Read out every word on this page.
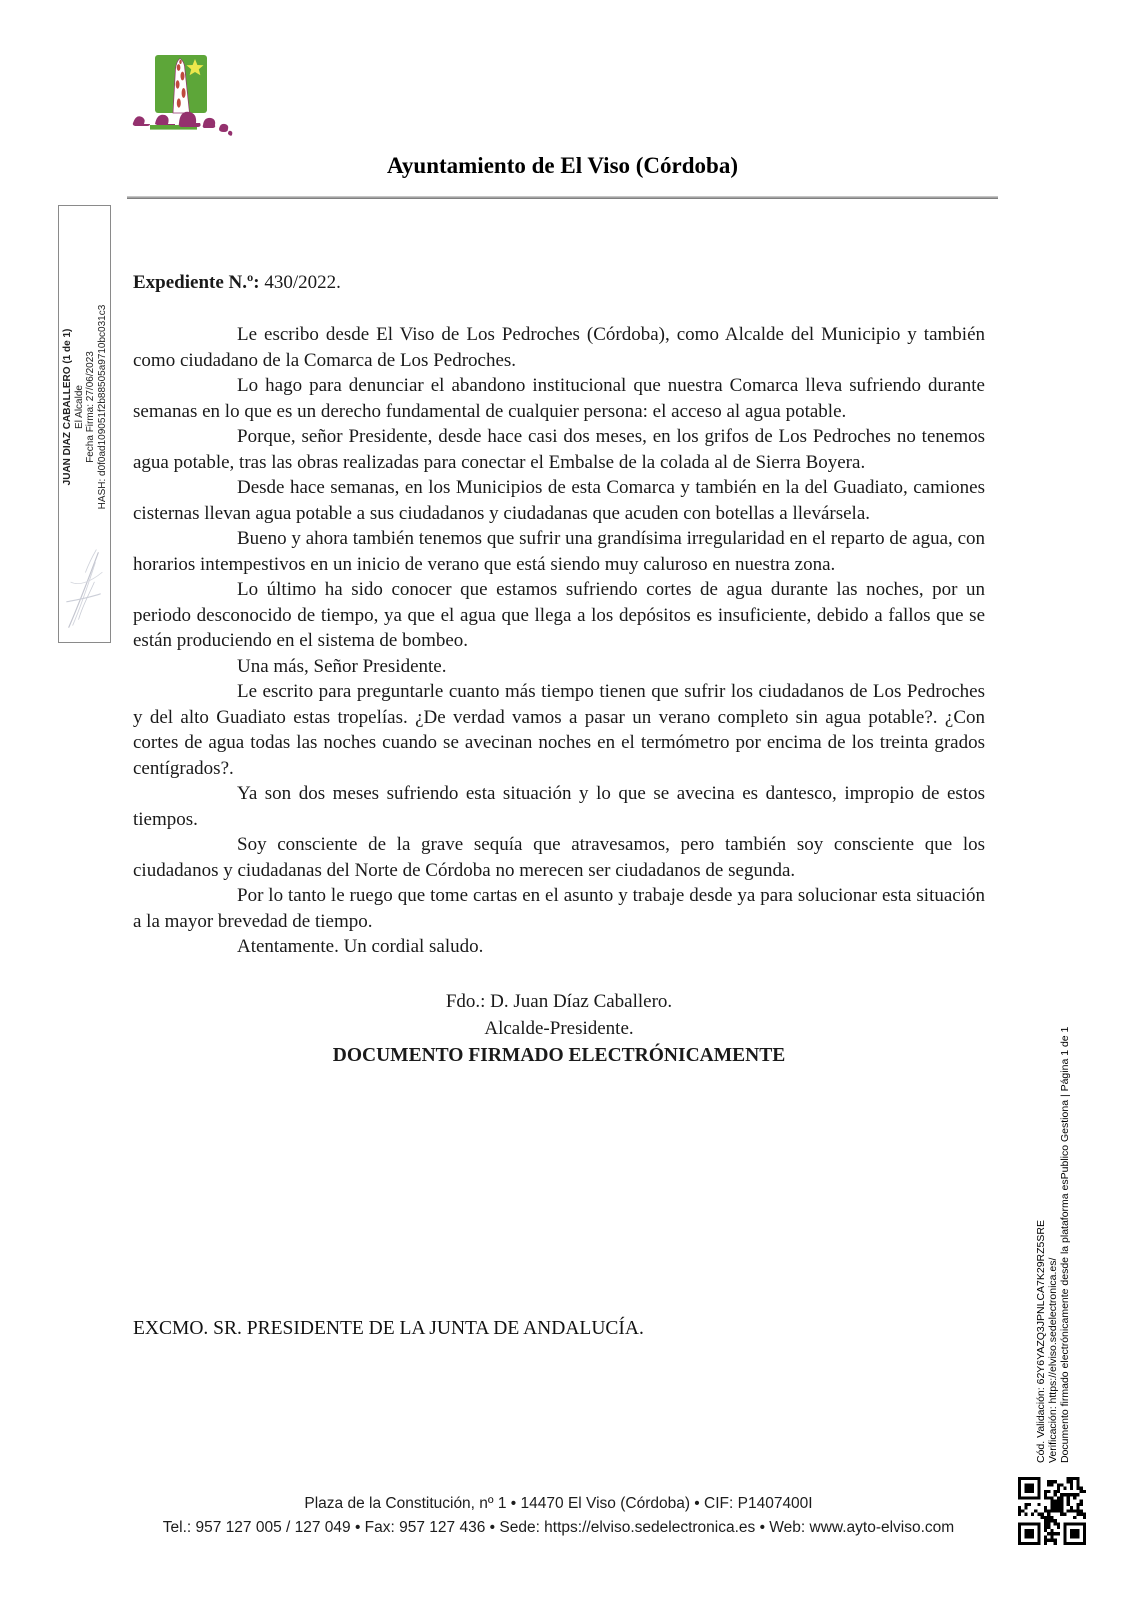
Ayuntamiento de El Viso (Córdoba)
JUAN DIAZ CABALLERO (1 de 1) El Alcalde Fecha Firma: 27/06/2023 HASH: d0f0ad109051f2b88505a9710bc031c3
Expediente N.º: 430/2022.

Le escribo desde El Viso de Los Pedroches (Córdoba), como Alcalde del Municipio y también como ciudadano de la Comarca de Los Pedroches.

Lo hago para denunciar el abandono institucional que nuestra Comarca lleva sufriendo durante semanas en lo que es un derecho fundamental de cualquier persona: el acceso al agua potable.

Porque, señor Presidente, desde hace casi dos meses, en los grifos de Los Pedroches no tenemos agua potable, tras las obras realizadas para conectar el Embalse de la colada al de Sierra Boyera.

Desde hace semanas, en los Municipios de esta Comarca y también en la del Guadiato, camiones cisternas llevan agua potable a sus ciudadanos y ciudadanas que acuden con botellas a llevársela.

Bueno y ahora también tenemos que sufrir una grandísima irregularidad en el reparto de agua, con horarios intempestivos en un inicio de verano que está siendo muy caluroso en nuestra zona.

Lo último ha sido conocer que estamos sufriendo cortes de agua durante las noches, por un periodo desconocido de tiempo, ya que el agua que llega a los depósitos es insuficiente, debido a fallos que se están produciendo en el sistema de bombeo.

Una más, Señor Presidente.

Le escrito para preguntarle cuanto más tiempo tienen que sufrir los ciudadanos de Los Pedroches y del alto Guadiato estas tropelías. ¿De verdad vamos a pasar un verano completo sin agua potable?. ¿Con cortes de agua todas las noches cuando se avecinan noches en el termómetro por encima de los treinta grados centígrados?.

Ya son dos meses sufriendo esta situación y lo que se avecina es dantesco, impropio de estos tiempos.

Soy consciente de la grave sequía que atravesamos, pero también soy consciente que los ciudadanos y ciudadanas del Norte de Córdoba no merecen ser ciudadanos de segunda.

Por lo tanto le ruego que tome cartas en el asunto y trabaje desde ya para solucionar esta situación a la mayor brevedad de tiempo.

Atentamente. Un cordial saludo.

Fdo.: D. Juan Díaz Caballero.
Alcalde-Presidente.
DOCUMENTO FIRMADO ELECTRÓNICAMENTE
EXCMO. SR. PRESIDENTE DE LA JUNTA DE ANDALUCÍA.	Cód. Validación: 62Y6YAZQ3JPNLCA7K29RZ5SRE Verificación: https://elviso.sedelectronica.es/ Documento firmado electrónicamente desde la plataforma esPublico Gestiona | Página 1 de 1
Plaza de la Constitución, nº 1 • 14470 El Viso (Córdoba) • CIF: P1407400I
Tel.: 957 127 005 / 127 049 • Fax: 957 127 436 • Sede: https://elviso.sedelectronica.es • Web: www.ayto-elviso.com
